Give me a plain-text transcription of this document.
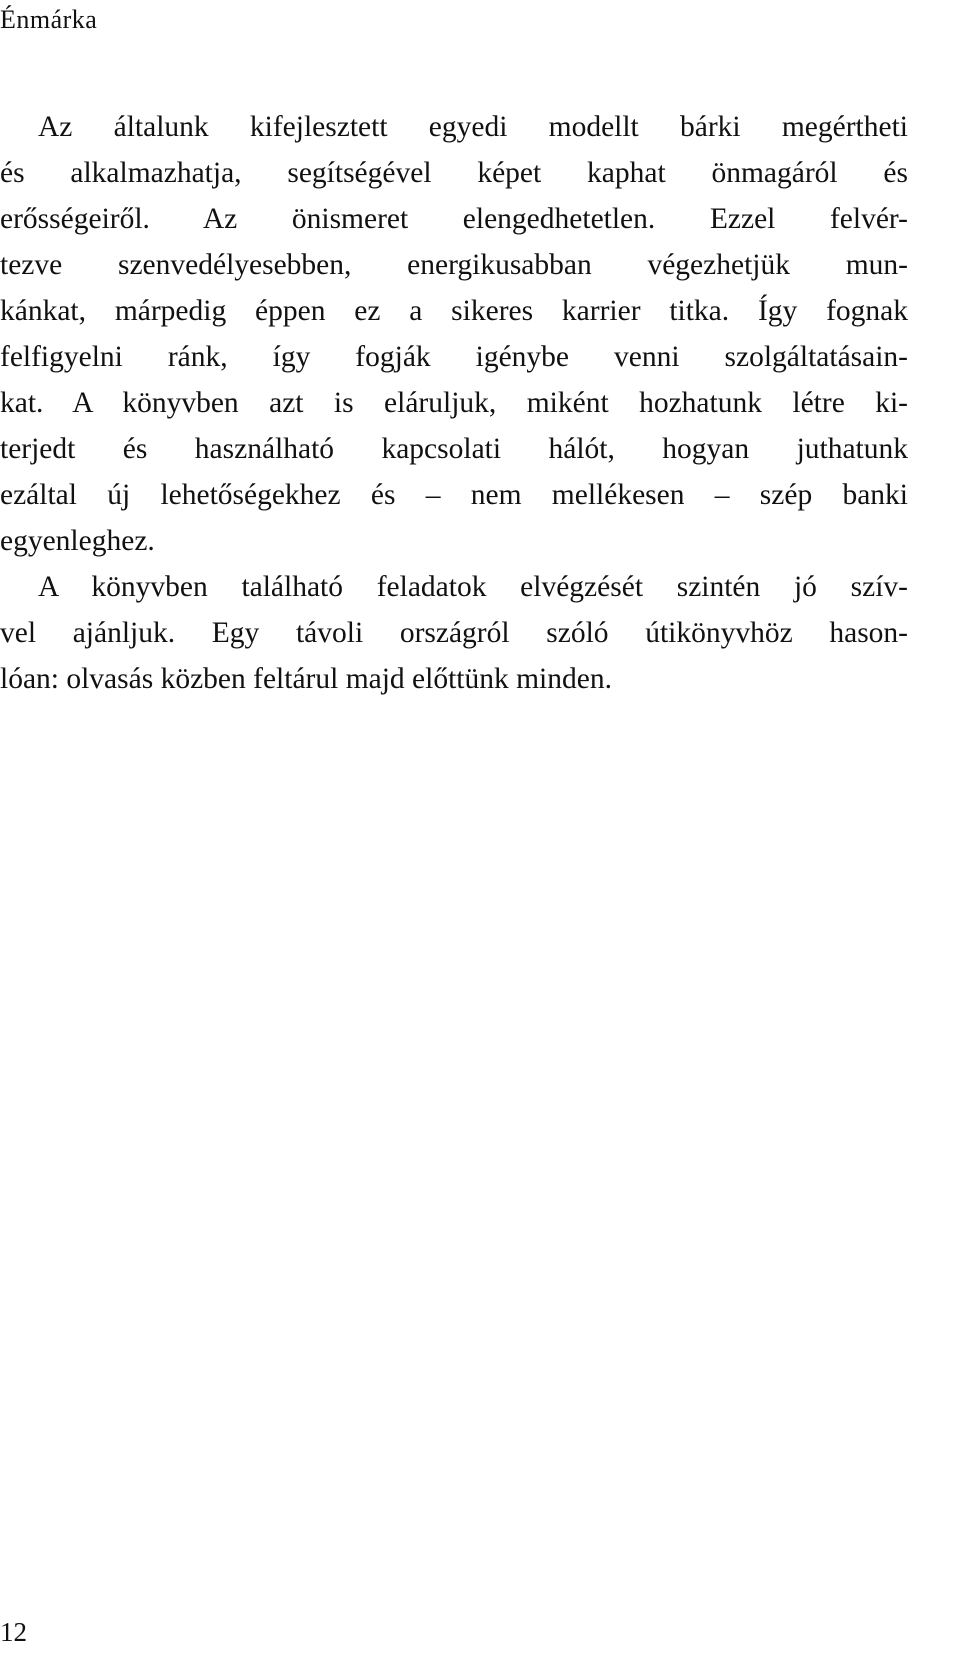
Énmárka
Az általunk kifejlesztett egyedi modellt bárki megértheti
és alkalmazhatja, segítségével képet kaphat önmagáról és
erősségeiről. Az önismeret elengedhetetlen. Ezzel felvér-
tezve szenvedélyesebben, energikusabban végezhetjük mun-
kánkat, márpedig éppen ez a sikeres karrier titka. Így fognak
felfigyelni ránk, így fogják igénybe venni szolgáltatásain-
kat. A könyvben azt is eláruljuk, miként hozhatunk létre ki-
terjedt és használható kapcsolati hálót, hogyan juthatunk
ezáltal új lehetőségekhez és – nem mellékesen – szép banki
egyenleghez.
A könyvben található feladatok elvégzését szintén jó szív-
vel ajánljuk. Egy távoli országról szóló útikönyvhöz hason-
lóan: olvasás közben feltárul majd előttünk minden.
12
